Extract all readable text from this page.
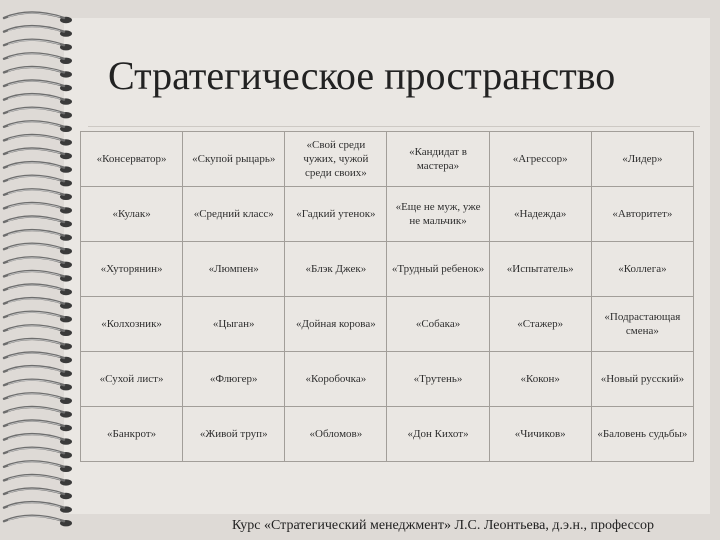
Стратегическое пространство
«Консерватор»	«Скупой рыцарь»	«Свой среди чужих, чужой среди своих»	«Кандидат в мастера»	«Агрессор»	«Лидер»
«Кулак»	«Средний класс»	«Гадкий утенок»	«Еще не муж, уже не мальчик»	«Надежда»	«Авторитет»
«Хуторянин»	«Люмпен»	«Блэк Джек»	«Трудный ребенок»	«Испытатель»	«Коллега»
«Колхозник»	«Цыган»	«Дойная корова»	«Собака»	«Стажер»	«Подрастающая смена»
«Сухой лист»	«Флюгер»	«Коробочка»	«Трутень»	«Кокон»	«Новый русский»
«Банкрот»	«Живой труп»	«Обломов»	«Дон Кихот»	«Чичиков»	«Баловень судьбы»
Курс «Стратегический менеджмент» Л.С. Леонтьева, д.э.н., профессор
